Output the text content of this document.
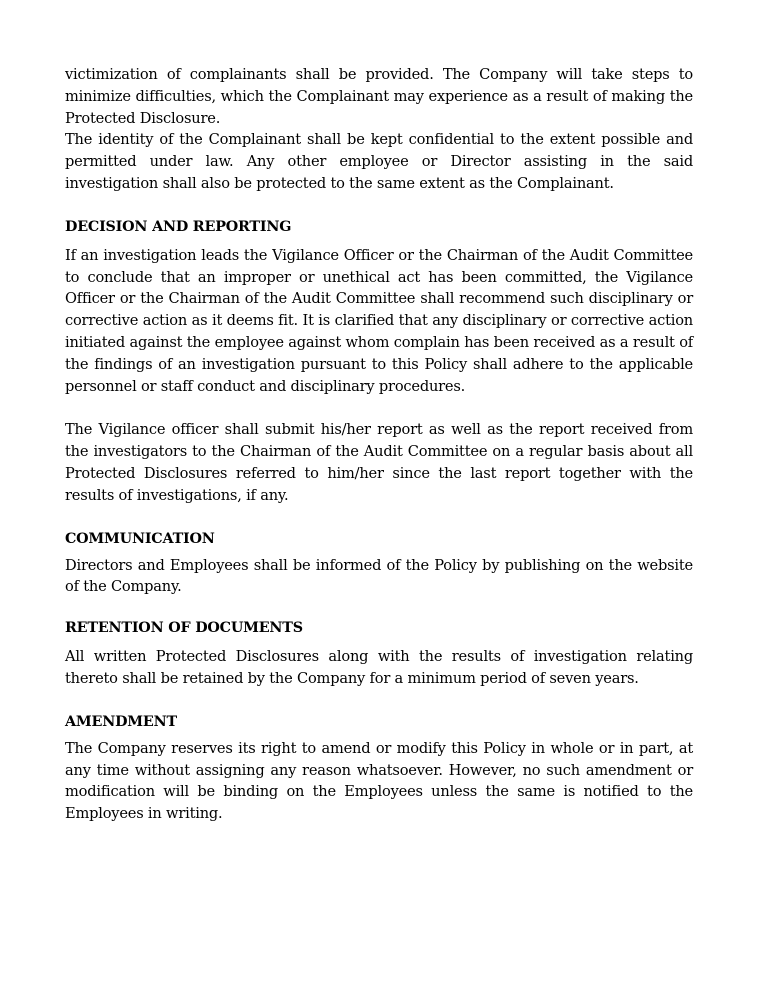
victimization of complainants shall be provided. The Company will take steps to minimize difficulties, which the Complainant may experience as a result of making the Protected Disclosure.

The identity of the Complainant shall be kept confidential to the extent possible and permitted under law. Any other employee or Director assisting in the said investigation shall also be protected to the same extent as the Complainant.

DECISION AND REPORTING

If an investigation leads the Vigilance Officer or the Chairman of the Audit Committee to conclude that an improper or unethical act has been committed, the Vigilance Officer or the Chairman of the Audit Committee shall recommend such disciplinary or corrective action as it deems fit. It is clarified that any disciplinary or corrective action initiated against the employee against whom complain has been received as a result of the findings of an investigation pursuant to this Policy shall adhere to the applicable personnel or staff conduct and disciplinary procedures.

The Vigilance officer shall submit his/her report as well as the report received from the investigators to the Chairman of the Audit Committee on a regular basis about all Protected Disclosures referred to him/her since the last report together with the results of investigations, if any.

COMMUNICATION

Directors and Employees shall be informed of the Policy by publishing on the website of the Company.

RETENTION OF DOCUMENTS

All written Protected Disclosures along with the results of investigation relating thereto shall be retained by the Company for a minimum period of seven years.

AMENDMENT

The Company reserves its right to amend or modify this Policy in whole or in part, at any time without assigning any reason whatsoever. However, no such amendment or modification will be binding on the Employees unless the same is notified to the Employees in writing.
